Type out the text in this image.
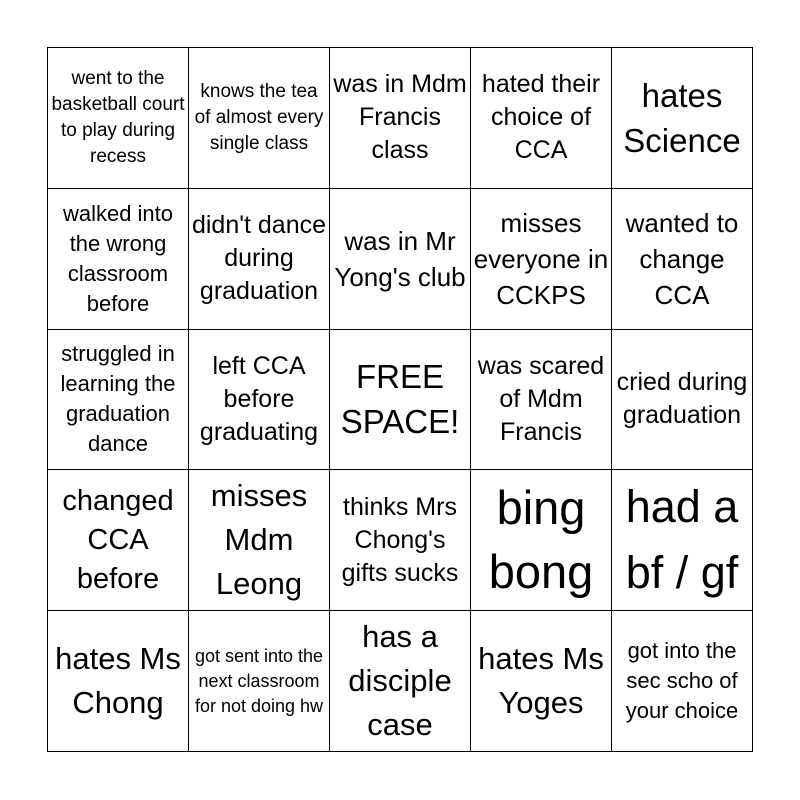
went to the basketball court to play during recess
knows the tea of almost every single class
was in Mdm Francis class
hated their choice of CCA
hates Science
walked into the wrong classroom before
didn't dance during graduation
was in Mr Yong's club
misses everyone in CCKPS
wanted to change CCA
struggled in learning the graduation dance
left CCA before graduating
FREE SPACE!
was scared of Mdm Francis
cried during graduation
changed CCA before
misses Mdm Leong
thinks Mrs Chong's gifts sucks
bing bong
had a bf / gf
hates Ms Chong
got sent into the next classroom for not doing hw
has a disciple case
hates Ms Yoges
got into the sec scho of your choice
